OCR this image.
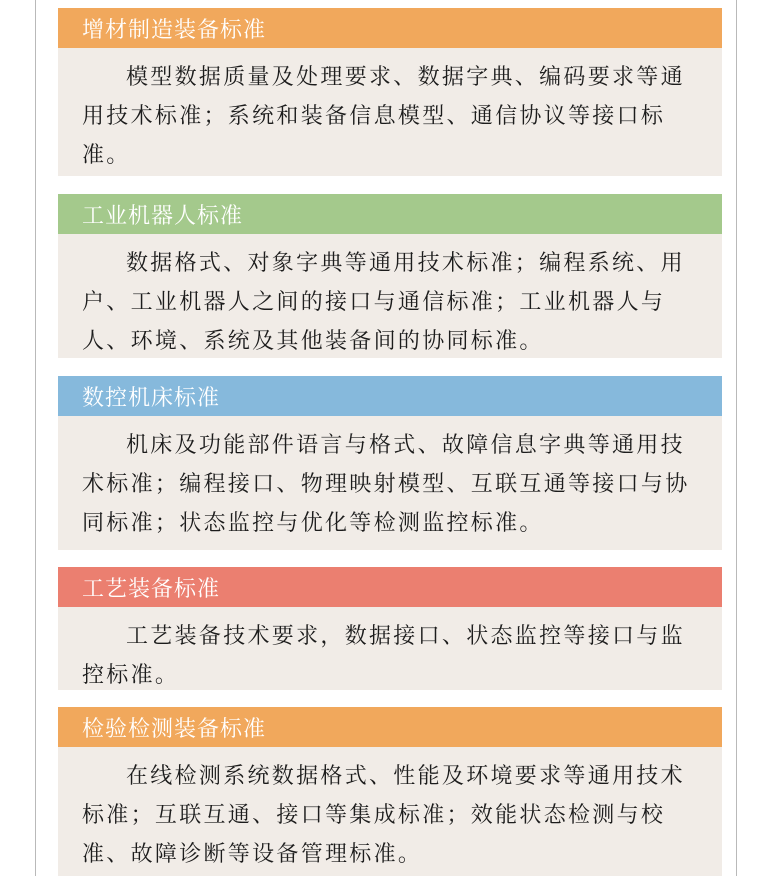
增材制造装备标准
模型数据质量及处理要求、数据字典、编码要求等通用技术标准；系统和装备信息模型、通信协议等接口标准。
工业机器人标准
数据格式、对象字典等通用技术标准；编程系统、用户、工业机器人之间的接口与通信标准；工业机器人与人、环境、系统及其他装备间的协同标准。
数控机床标准
机床及功能部件语言与格式、故障信息字典等通用技术标准；编程接口、物理映射模型、互联互通等接口与协同标准；状态监控与优化等检测监控标准。
工艺装备标准
工艺装备技术要求，数据接口、状态监控等接口与监控标准。
检验检测装备标准
在线检测系统数据格式、性能及环境要求等通用技术标准；互联互通、接口等集成标准；效能状态检测与校准、故障诊断等设备管理标准。
